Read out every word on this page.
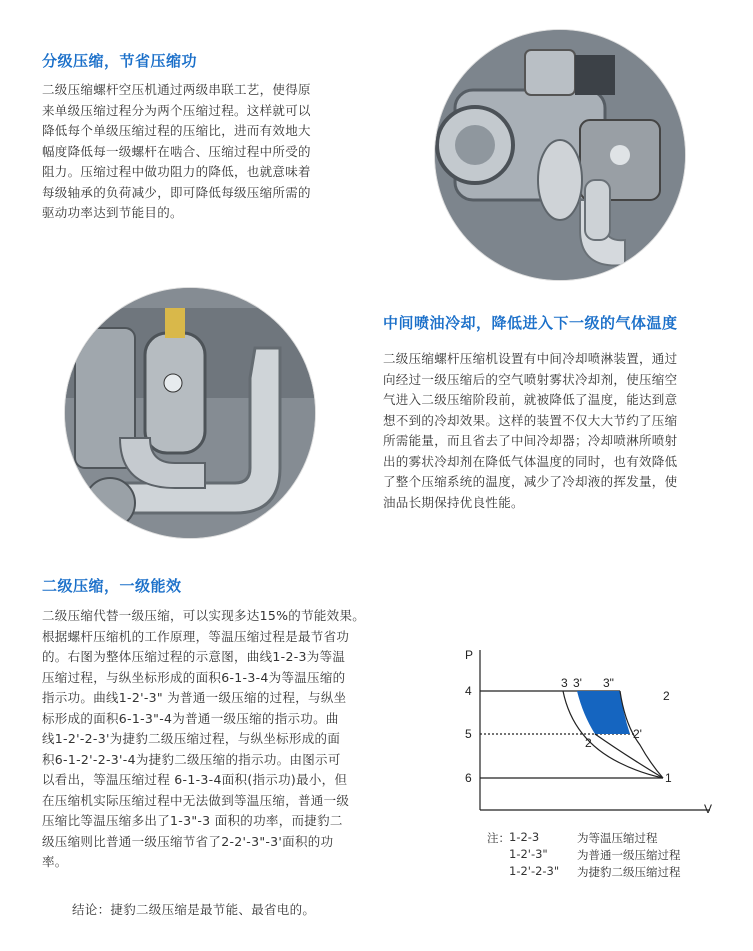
分级压缩，节省压缩功
二级压缩螺杆空压机通过两级串联工艺，使得原
来单级压缩过程分为两个压缩过程。这样就可以
降低每个单级压缩过程的压缩比，进而有效地大
幅度降低每一级螺杆在啮合、压缩过程中所受的
阻力。压缩过程中做功阻力的降低，也就意味着
每级轴承的负荷减少，即可降低每级压缩所需的
驱动功率达到节能目的。
中间喷油冷却，降低进入下一级的气体温度
二级压缩螺杆压缩机设置有中间冷却喷淋装置，通过
向经过一级压缩后的空气喷射雾状冷却剂，使压缩空
气进入二级压缩阶段前，就被降低了温度，能达到意
想不到的冷却效果。这样的装置不仅大大节约了压缩
所需能量，而且省去了中间冷却器；冷却喷淋所喷射
出的雾状冷却剂在降低气体温度的同时，也有效降低
了整个压缩系统的温度，减少了冷却液的挥发量，使
油品长期保持优良性能。
二级压缩，一级能效
二级压缩代替一级压缩，可以实现多达15%的节能效果。
根据螺杆压缩机的工作原理，等温压缩过程是最节省功
的。右图为整体压缩过程的示意图，曲线1-2-3为等温
压缩过程，与纵坐标形成的面积6-1-3-4为等温压缩的
指示功。曲线1-2'-3" 为普通一级压缩的过程，与纵坐
标形成的面积6-1-3"-4为普通一级压缩的指示功。曲
线1-2'-2-3'为捷豹二级压缩过程，与纵坐标形成的面
积6-1-2'-2-3'-4为捷豹二级压缩的指示功。由图示可
以看出，等温压缩过程 6-1-3-4面积(指示功)最小，但
在压缩机实际压缩过程中无法做到等温压缩，普通一级
压缩比等温压缩多出了1-3"-3 面积的功率，而捷豹二
级压缩则比普通一级压缩节省了2-2'-3"-3'面积的功
率。
结论：捷豹二级压缩是最节能、最省电的。
P
V
4
5
6
3 3' 3"
2
2'
2
1
注： 1-2-3	为等温压缩过程
1-2'-3"	为普通一级压缩过程
1-2'-2-3"	为捷豹二级压缩过程
